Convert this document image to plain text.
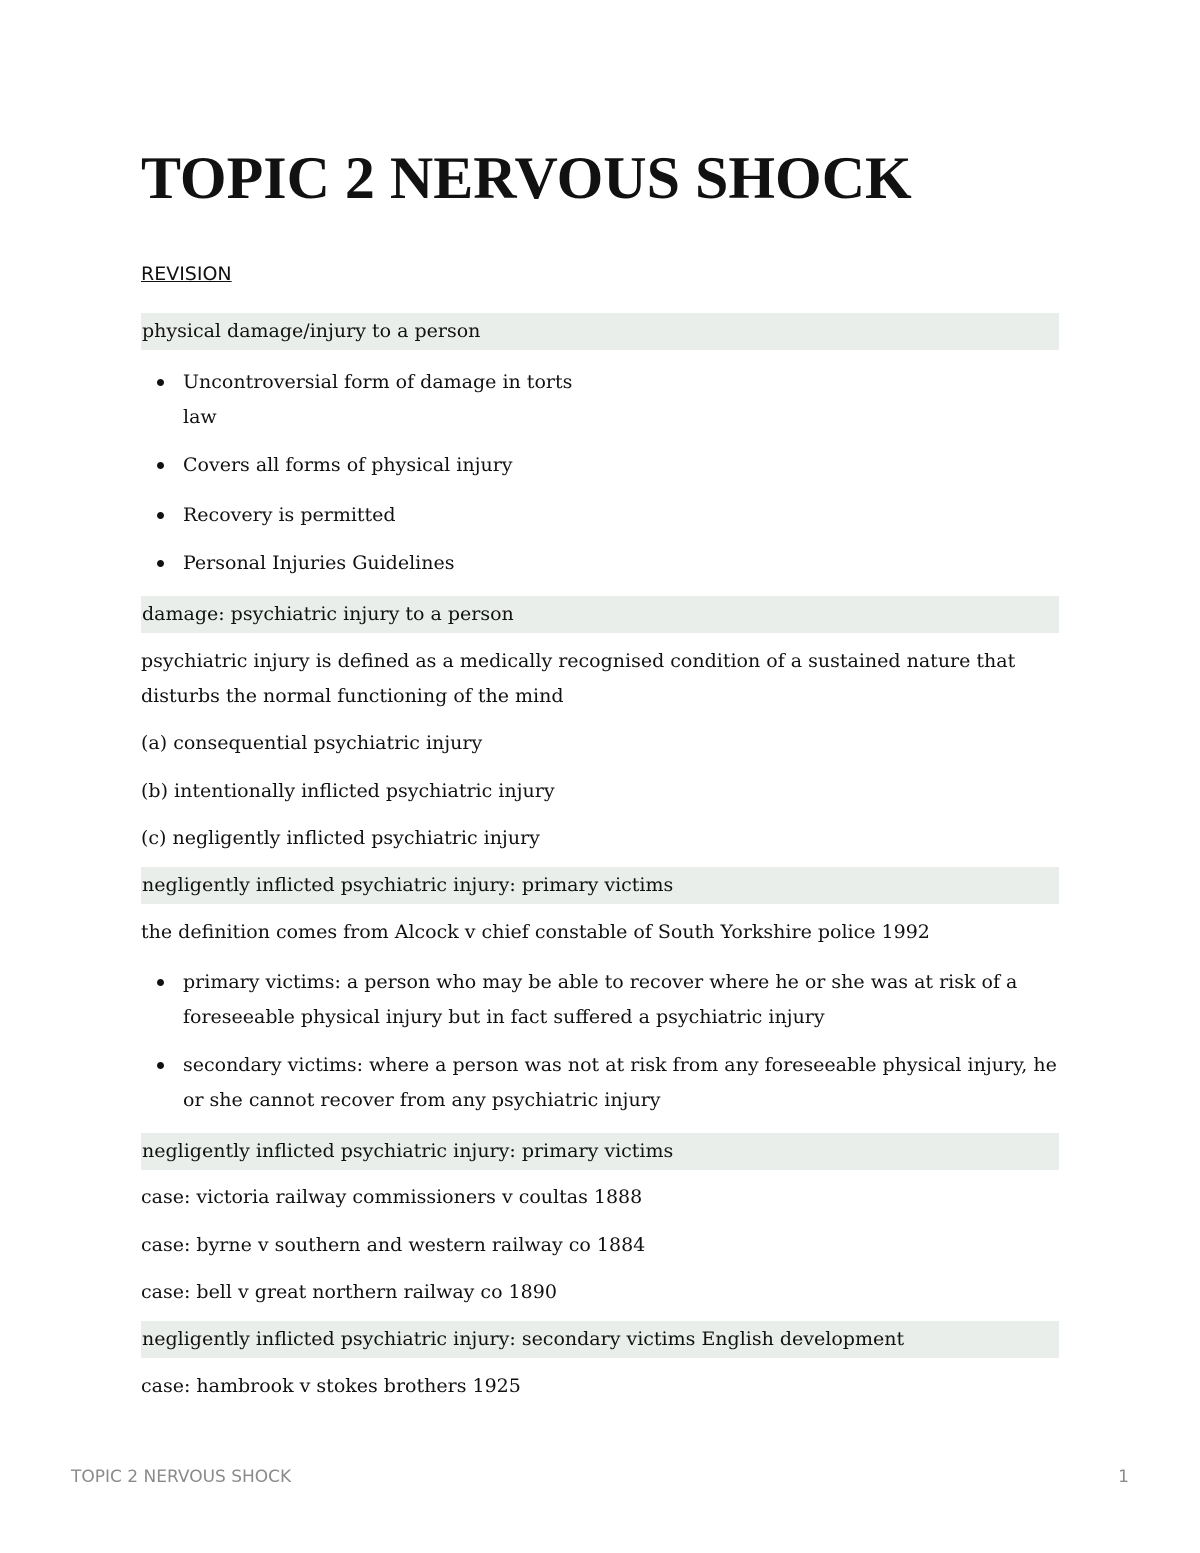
TOPIC 2 NERVOUS SHOCK
REVISION
physical damage/injury to a person
Uncontroversial form of damage in torts
law
Covers all forms of physical injury
Recovery is permitted
Personal Injuries Guidelines
damage: psychiatric injury to a person
psychiatric injury is defined as a medically recognised condition of a sustained nature that
disturbs the normal functioning of the mind
(a) consequential psychiatric injury
(b) intentionally inflicted psychiatric injury
(c) negligently inflicted psychiatric injury
negligently inflicted psychiatric injury: primary victims
the definition comes from Alcock v chief constable of South Yorkshire police 1992
primary victims: a person who may be able to recover where he or she was at risk of a
foreseeable physical injury but in fact suffered a psychiatric injury
secondary victims: where a person was not at risk from any foreseeable physical injury, he
or she cannot recover from any psychiatric injury
negligently inflicted psychiatric injury: primary victims
case: victoria railway commissioners v coultas 1888
case: byrne v southern and western railway co 1884
case: bell v great northern railway co 1890
negligently inflicted psychiatric injury: secondary victims English development
case: hambrook v stokes brothers 1925
TOPIC 2 NERVOUS SHOCK	1
